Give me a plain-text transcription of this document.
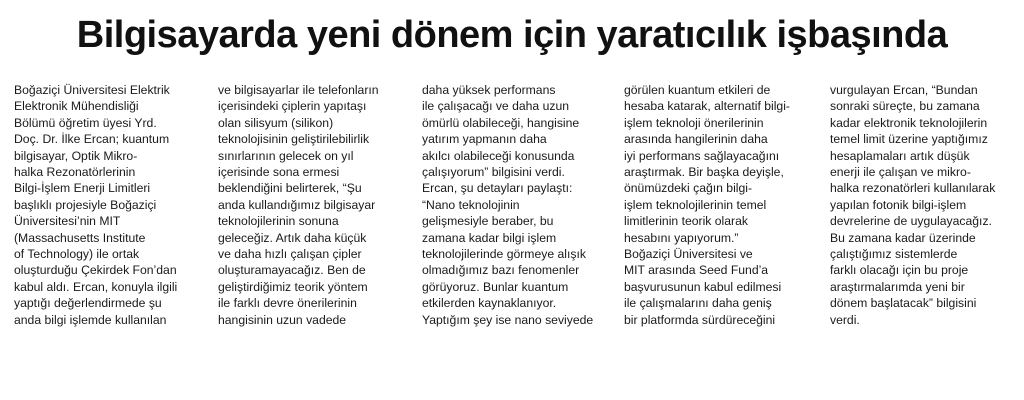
Bilgisayarda yeni dönem için yaratıcılık işbaşında

Boğaziçi Üniversitesi Elektrik

Elektronik Mühendisliği

Bölümü öğretim üyesi Yrd.

Doç. Dr. İlke Ercan; kuantum

bilgisayar, Optik Mikro-

halka Rezonatörlerinin

Bilgi-İşlem Enerji Limitleri

başlıklı projesiyle Boğaziçi

Üniversitesi’nin MIT

(Massachusetts Institute

of Technology) ile ortak

oluşturduğu Çekirdek Fon’dan

kabul aldı. Ercan, konuyla ilgili

yaptığı değerlendirmede şu

anda bilgi işlemde kullanılan

ve bilgisayarlar ile telefonların

içerisindeki çiplerin yapıtaşı

olan silisyum (silikon)

teknolojisinin geliştirilebilirlik

sınırlarının gelecek on yıl

içerisinde sona ermesi

beklendiğini belirterek, “Şu

anda kullandığımız bilgisayar

teknolojilerinin sonuna

geleceğiz. Artık daha küçük

ve daha hızlı çalışan çipler

oluşturamayacağız. Ben de

geliştirdiğimiz teorik yöntem

ile farklı devre önerilerinin

hangisinin uzun vadede

daha yüksek performans

ile çalışacağı ve daha uzun

ömürlü olabileceği, hangisine

yatırım yapmanın daha

akılcı olabileceği konusunda

çalışıyorum” bilgisini verdi.

Ercan, şu detayları paylaştı:

“Nano teknolojinin

gelişmesiyle beraber, bu

zamana kadar bilgi işlem

teknolojilerinde görmeye alışık

olmadığımız bazı fenomenler

görüyoruz. Bunlar kuantum

etkilerden kaynaklanıyor.

Yaptığım şey ise nano seviyede

görülen kuantum etkileri de

hesaba katarak, alternatif bilgi-

işlem teknoloji önerilerinin

arasında hangilerinin daha

iyi performans sağlayacağını

araştırmak. Bir başka deyişle,

önümüzdeki çağın bilgi-

işlem teknolojilerinin temel

limitlerinin teorik olarak

hesabını yapıyorum.”

Boğaziçi Üniversitesi ve

MIT arasında Seed Fund’a

başvurusunun kabul edilmesi

ile çalışmalarını daha geniş

bir platformda sürdüreceğini

vurgulayan Ercan, “Bundan

sonraki süreçte, bu zamana

kadar elektronik teknolojilerin

temel limit üzerine yaptığımız

hesaplamaları artık düşük

enerji ile çalışan ve mikro-

halka rezonatörleri kullanılarak

yapılan fotonik bilgi-işlem

devrelerine de uygulayacağız.

Bu zamana kadar üzerinde

çalıştığımız sistemlerde

farklı olacağı için bu proje

araştırmalarımda yeni bir

dönem başlatacak” bilgisini

verdi.
